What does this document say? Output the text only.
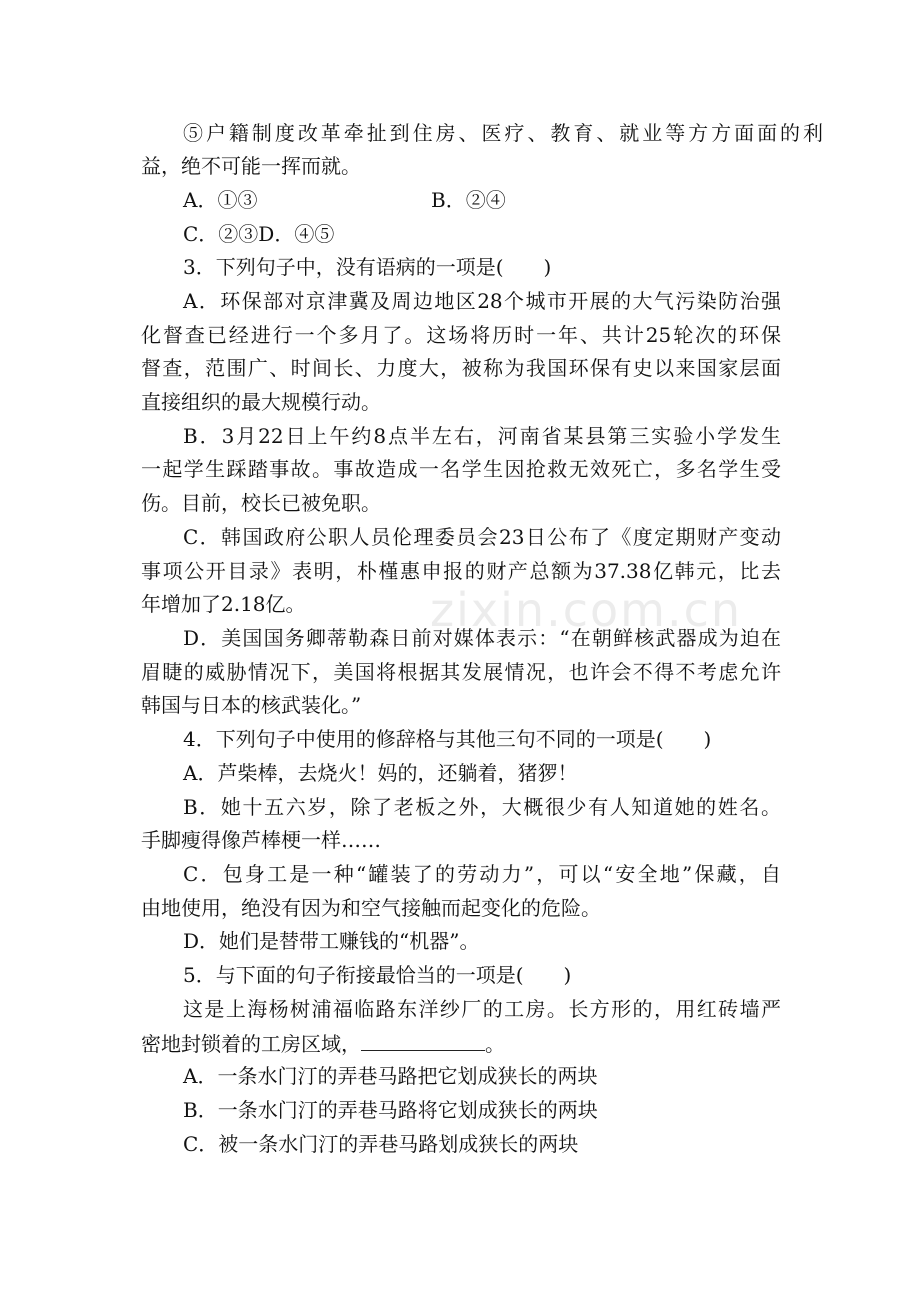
zixin.com.cn
⑤户籍制度改革牵扯到住房、医疗、教育、就业等方方面面的利
益，绝不可能一挥而就。
A．①③	B．②④
C．②③D．④⑤
3．下列句子中，没有语病的一项是(　　)
A．环保部对京津冀及周边地区28个城市开展的大气污染防治强
化督查已经进行一个多月了。这场将历时一年、共计25轮次的环保
督查，范围广、时间长、力度大，被称为我国环保有史以来国家层面
直接组织的最大规模行动。
B．3月22日上午约8点半左右，河南省某县第三实验小学发生
一起学生踩踏事故。事故造成一名学生因抢救无效死亡，多名学生受
伤。目前，校长已被免职。
C．韩国政府公职人员伦理委员会23日公布了《度定期财产变动
事项公开目录》表明，朴槿惠申报的财产总额为37.38亿韩元，比去
年增加了2.18亿。
D．美国国务卿蒂勒森日前对媒体表示：“在朝鲜核武器成为迫在
眉睫的威胁情况下，美国将根据其发展情况，也许会不得不考虑允许
韩国与日本的核武装化。”
4．下列句子中使用的修辞格与其他三句不同的一项是(　　)
A．芦柴棒，去烧火！妈的，还躺着，猪猡！
B．她十五六岁，除了老板之外，大概很少有人知道她的姓名。
手脚瘦得像芦棒梗一样……
C．包身工是一种“罐装了的劳动力”，可以“安全地”保藏，自
由地使用，绝没有因为和空气接触而起变化的危险。
D．她们是替带工赚钱的“机器”。
5．与下面的句子衔接最恰当的一项是(　　)
这是上海杨树浦福临路东洋纱厂的工房。长方形的，用红砖墙严
密地封锁着的工房区域，	。
A．一条水门汀的弄巷马路把它划成狭长的两块
B．一条水门汀的弄巷马路将它划成狭长的两块
C．被一条水门汀的弄巷马路划成狭长的两块
